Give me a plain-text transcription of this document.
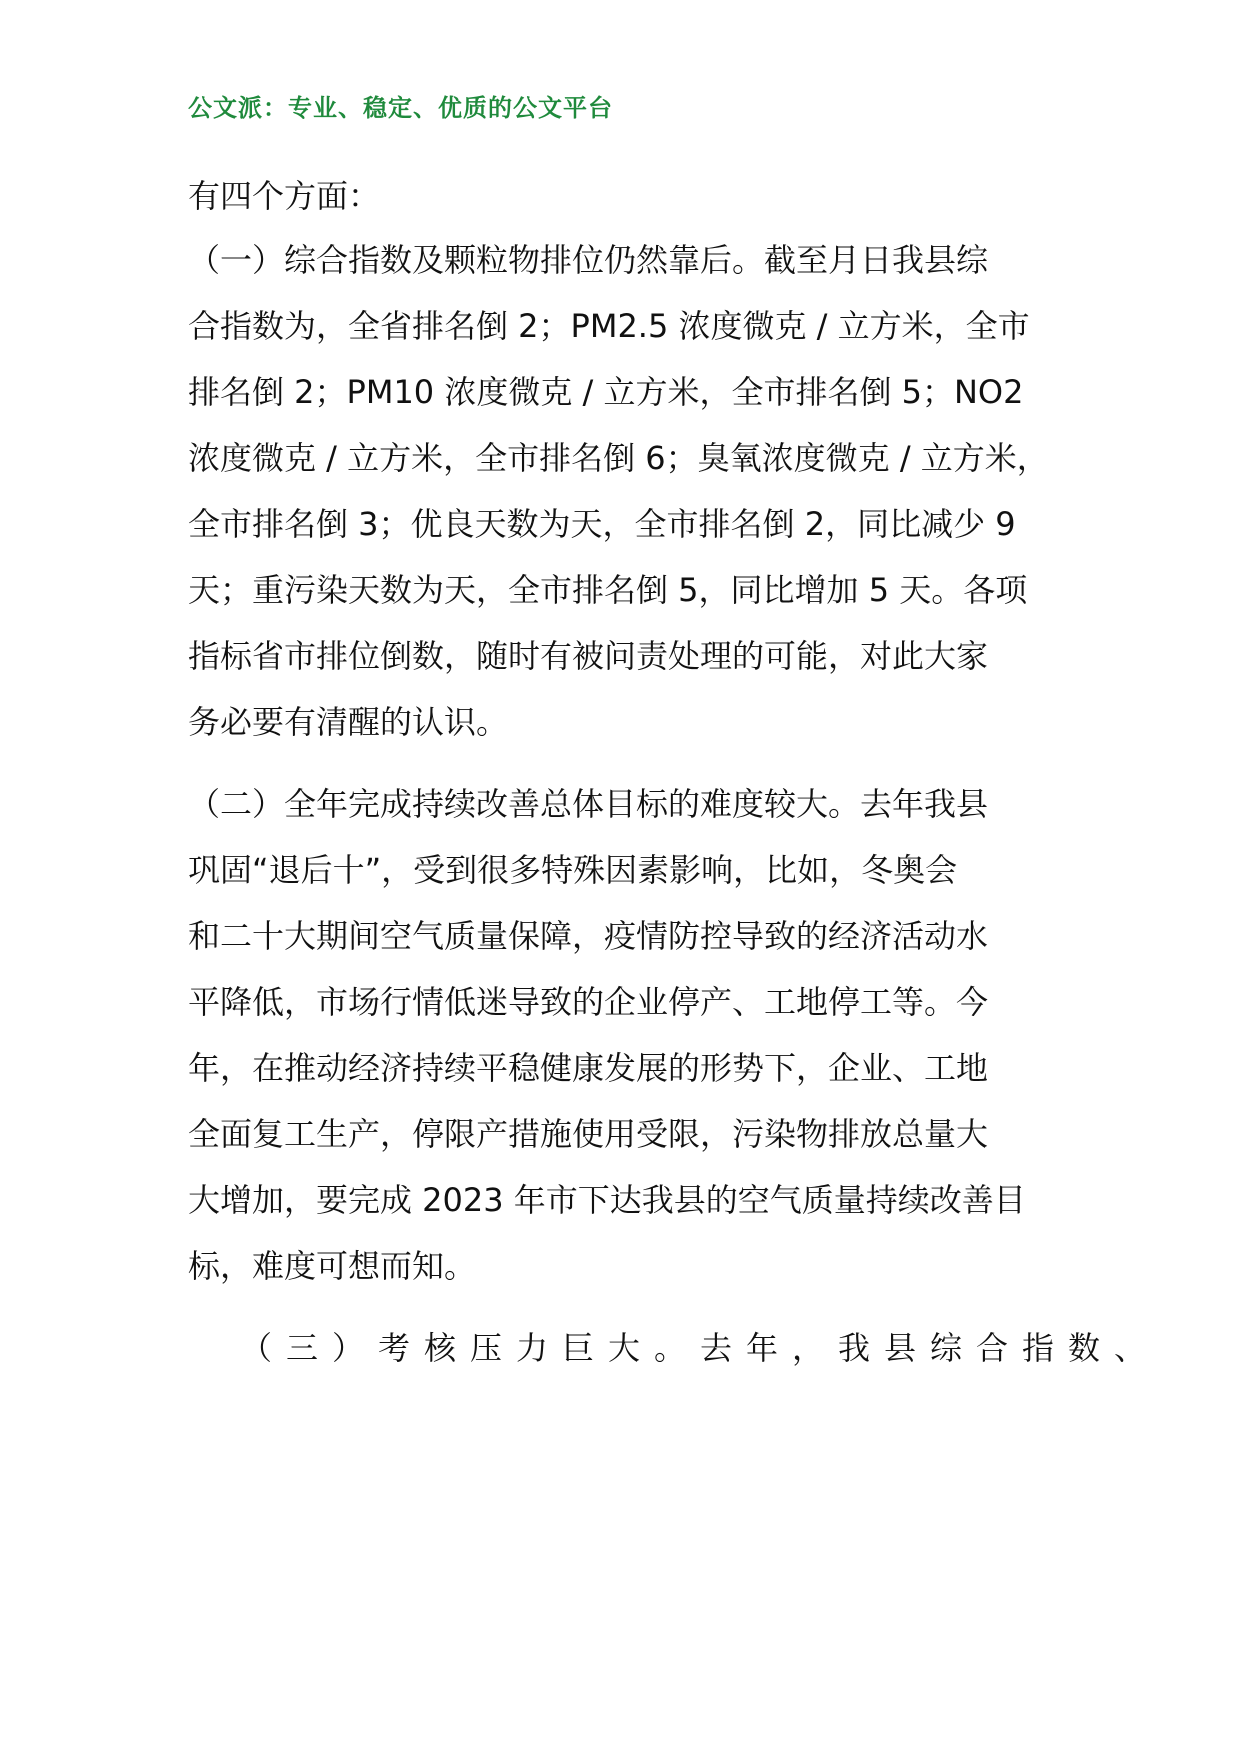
公文派：专业、稳定、优质的公文平台
有四个方面：
（一）综合指数及颗粒物排位仍然靠后。截至月日我县综
合指数为，全省排名倒 2；PM2.5 浓度微克 / 立方米，全市
排名倒 2；PM10 浓度微克 / 立方米，全市排名倒 5；NO2
浓度微克 / 立方米，全市排名倒 6；臭氧浓度微克 / 立方米，
全市排名倒 3；优良天数为天，全市排名倒 2，同比减少 9
天；重污染天数为天，全市排名倒 5，同比增加 5 天。各项
指标省市排位倒数，随时有被问责处理的可能，对此大家
务必要有清醒的认识。
（二）全年完成持续改善总体目标的难度较大。去年我县
巩固“退后十”，受到很多特殊因素影响，比如，冬奥会
和二十大期间空气质量保障，疫情防控导致的经济活动水
平降低，市场行情低迷导致的企业停产、工地停工等。今
年，在推动经济持续平稳健康发展的形势下，企业、工地
全面复工生产，停限产措施使用受限，污染物排放总量大
大增加，要完成 2023 年市下达我县的空气质量持续改善目
标，难度可想而知。
（三）考核压力巨大。去年，我县综合指数、
